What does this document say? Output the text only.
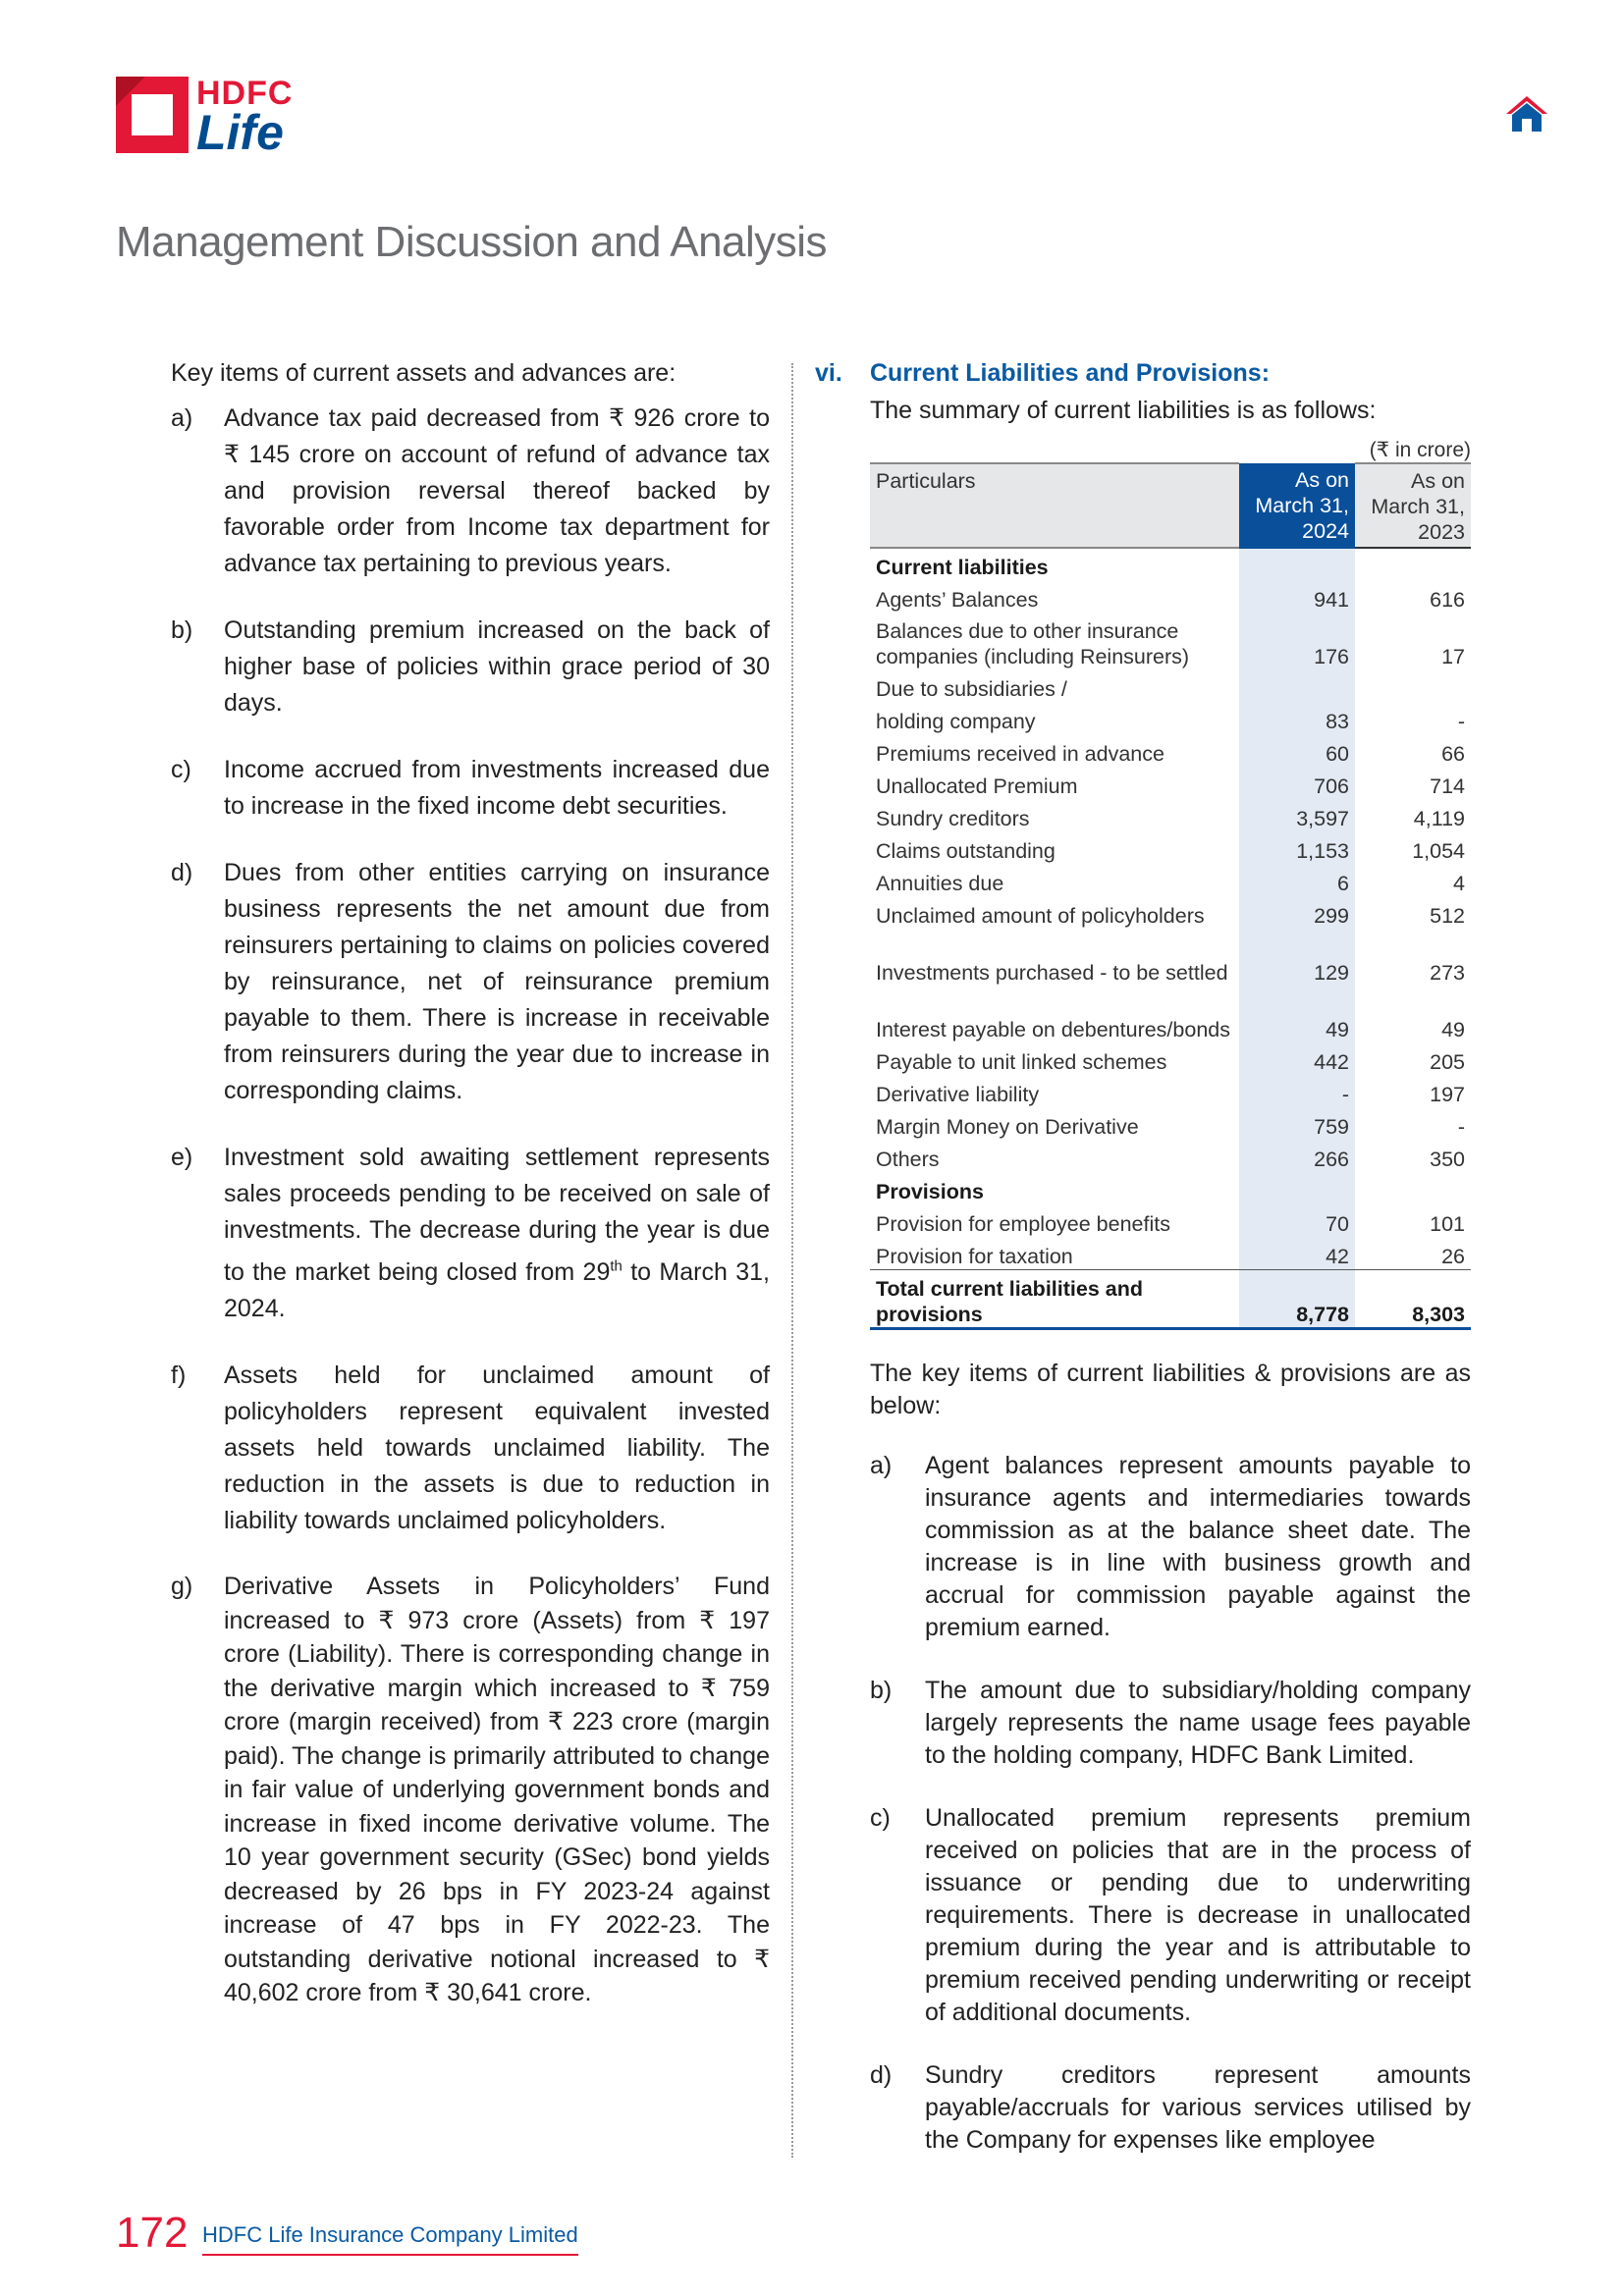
HDFC
Life
Management Discussion and Analysis

Key items of current assets and advances are:

a) Advance tax paid decreased from ₹ 926 crore to ₹ 145 crore on account of refund of advance tax and provision reversal thereof backed by favorable order from Income tax department for advance tax pertaining to previous years.
b) Outstanding premium increased on the back of higher base of policies within grace period of 30 days.
c) Income accrued from investments increased due to increase in the fixed income debt securities.
d) Dues from other entities carrying on insurance business represents the net amount due from reinsurers pertaining to claims on policies covered by reinsurance, net of reinsurance premium payable to them. There is increase in receivable from reinsurers during the year due to increase in corresponding claims.
e) Investment sold awaiting settlement represents sales proceeds pending to be received on sale of investments. The decrease during the year is due to the market being closed from 29th to March 31, 2024.
f) Assets held for unclaimed amount of policyholders represent equivalent invested assets held towards unclaimed liability. The reduction in the assets is due to reduction in liability towards unclaimed policyholders.
g) Derivative Assets in Policyholders’ Fund increased to ₹ 973 crore (Assets) from ₹ 197 crore (Liability). There is corresponding change in the derivative margin which increased to ₹ 759 crore (margin received) from ₹ 223 crore (margin paid). The change is primarily attributed to change in fair value of underlying government bonds and increase in fixed income derivative volume. The 10 year government security (GSec) bond yields decreased by 26 bps in FY 2023-24 against increase of 47 bps in FY 2022-23. The outstanding derivative notional increased to ₹ 40,602 crore from ₹ 30,641 crore.
vi. Current Liabilities and Provisions:

The summary of current liabilities is as follows:

(₹ in crore)
Particulars	As on March 31, 2024	As on March 31, 2023
Current liabilities		
Agents’ Balances	941	616
Balances due to other insurance companies (including Reinsurers)	176	17
Due to subsidiaries /		
holding company	83	-
Premiums received in advance	60	66
Unallocated Premium	706	714
Sundry creditors	3,597	4,119
Claims outstanding	1,153	1,054
Annuities due	6	4
Unclaimed amount of policyholders	299	512
Investments purchased - to be settled	129	273
Interest payable on debentures/bonds	49	49
Payable to unit linked schemes	442	205
Derivative liability	-	197
Margin Money on Derivative	759	-
Others	266	350
Provisions		
Provision for employee benefits	70	101
Provision for taxation	42	26
Total current liabilities and provisions	8,778	8,303

The key items of current liabilities & provisions are as below:

a) Agent balances represent amounts payable to insurance agents and intermediaries towards commission as at the balance sheet date. The increase is in line with business growth and accrual for commission payable against the premium earned.
b) The amount due to subsidiary/holding company largely represents the name usage fees payable to the holding company, HDFC Bank Limited.
c) Unallocated premium represents premium received on policies that are in the process of issuance or pending due to underwriting requirements. There is decrease in unallocated premium during the year and is attributable to premium received pending underwriting or receipt of additional documents.
d) Sundry creditors represent amounts payable/accruals for various services utilised by the Company for expenses like employee
172 HDFC Life Insurance Company Limited
